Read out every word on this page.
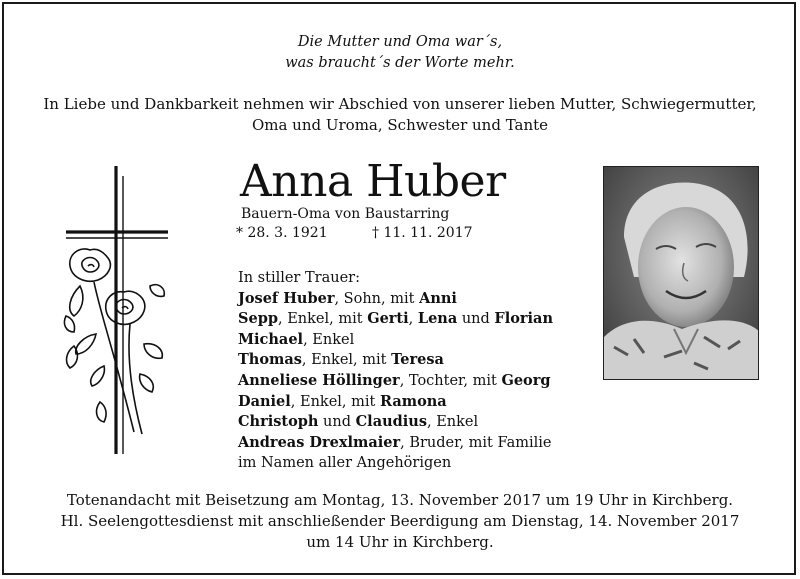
Die Mutter und Oma war´s,
was braucht´s der Worte mehr.
In Liebe und Dankbarkeit nehmen wir Abschied von unserer lieben Mutter, Schwiegermutter,
Oma und Uroma, Schwester und Tante
Anna Huber
Bauern-Oma von Baustarring
* 28. 3. 1921	† 11. 11. 2017
In stiller Trauer:
Josef Huber, Sohn, mit Anni
Sepp, Enkel, mit Gerti, Lena und Florian
Michael, Enkel
Thomas, Enkel, mit Teresa
Anneliese Höllinger, Tochter, mit Georg
Daniel, Enkel, mit Ramona
Christoph und Claudius, Enkel
Andreas Drexlmaier, Bruder, mit Familie
im Namen aller Angehörigen
Totenandacht mit Beisetzung am Montag, 13. November 2017 um 19 Uhr in Kirchberg.
Hl. Seelengottesdienst mit anschließender Beerdigung am Dienstag, 14. November 2017
um 14 Uhr in Kirchberg.
